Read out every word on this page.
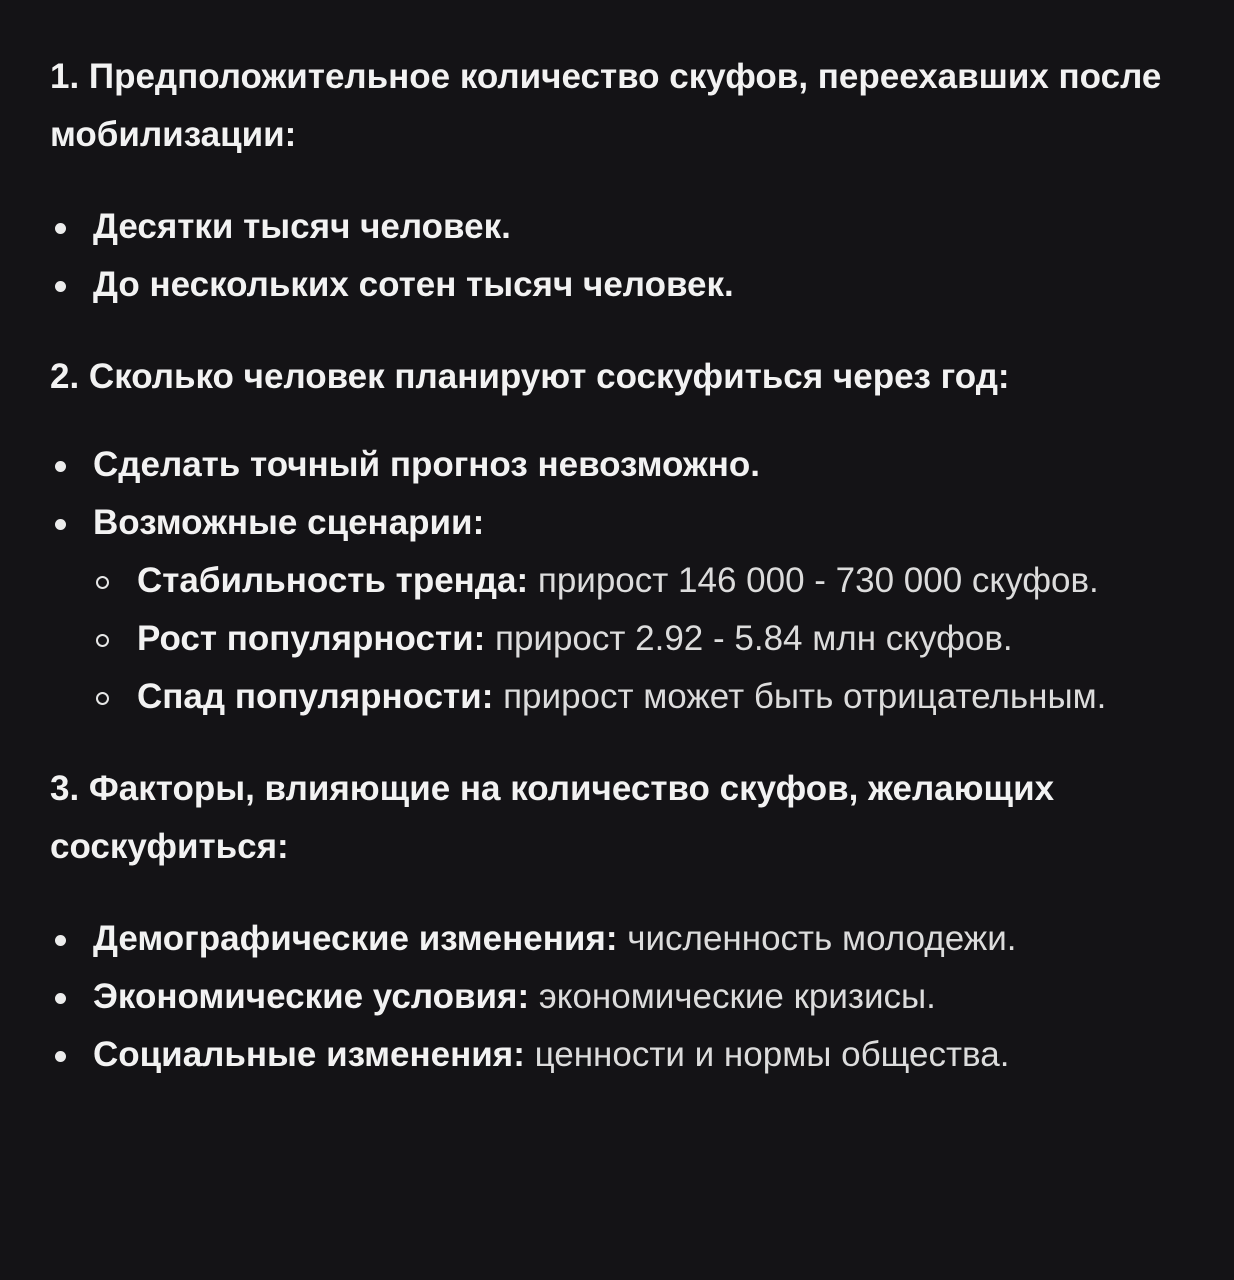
1. Предположительное количество скуфов, переехавших после мобилизации:

Десятки тысяч человек.
До нескольких сотен тысяч человек.

2. Сколько человек планируют соскуфиться через год:

Сделать точный прогноз невозможно.
Возможные сценарии:
Стабильность тренда: прирост 146 000 - 730 000 скуфов.
Рост популярности: прирост 2.92 - 5.84 млн скуфов.
Спад популярности: прирост может быть отрицательным.

3. Факторы, влияющие на количество скуфов, желающих соскуфиться:

Демографические изменения: численность молодежи.
Экономические условия: экономические кризисы.
Социальные изменения: ценности и нормы общества.
